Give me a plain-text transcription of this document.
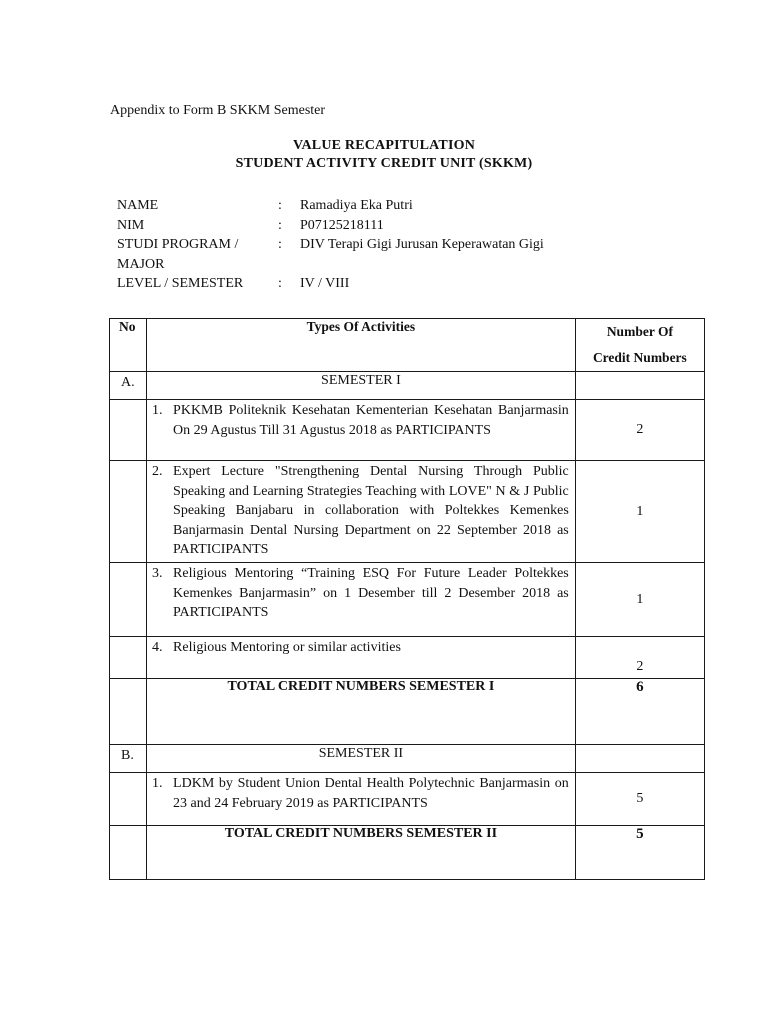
Appendix to Form B SKKM Semester
VALUE RECAPITULATION
STUDENT ACTIVITY CREDIT UNIT (SKKM)
NAME	:	Ramadiya Eka Putri
NIM	:	P07125218111
STUDI PROGRAM /	:	DIV Terapi Gigi Jurusan Keperawatan Gigi
MAJOR
LEVEL / SEMESTER	:	IV / VIII
No	Types Of Activities	Number Of
Credit Numbers

A.	SEMESTER I	

	1. PKKMB Politeknik Kesehatan Kementerian Kesehatan Banjarmasin On 29 Agustus Till 31 Agustus 2018 as PARTICIPANTS	2

	2. Expert Lecture "Strengthening Dental Nursing Through Public Speaking and Learning Strategies Teaching with LOVE" N & J Public Speaking Banjabaru in collaboration with Poltekkes Kemenkes Banjarmasin Dental Nursing Department on 22 September 2018 as PARTICIPANTS	1

	3. Religious Mentoring “Training ESQ For Future Leader Poltekkes Kemenkes Banjarmasin” on 1 Desember till 2 Desember 2018 as PARTICIPANTS	1

	4. Religious Mentoring or similar activities	2
	TOTAL CREDIT NUMBERS SEMESTER I	6
B.	SEMESTER II	

	1. LDKM by Student Union Dental Health Polytechnic Banjarmasin on 23 and 24 February 2019 as PARTICIPANTS	5
	TOTAL CREDIT NUMBERS SEMESTER II	5
